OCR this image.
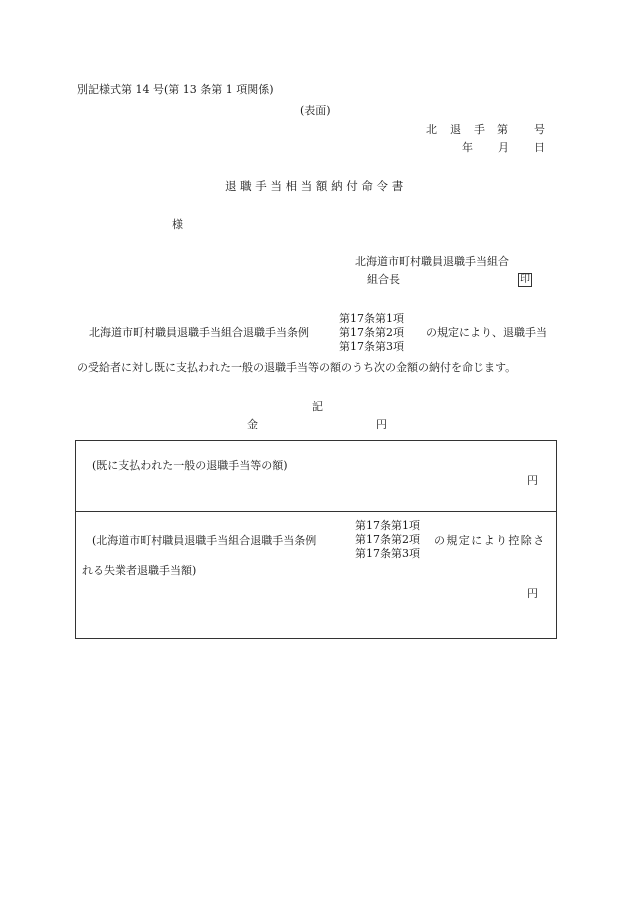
別記様式第 14 号(第 13 条第 1 項関係)
(表面)
北 退 手 第 号
年 月 日
退 職 手 当 相 当 額 納 付 命 令 書
様
北海道市町村職員退職手当組合
組合長	印
北海道市町村職員退職手当組合退職手当条例
第17条第1項
第17条第2項
第17条第3項
の規定により、退職手当
の受給者に対し既に支払われた一般の退職手当等の額のうち次の金額の納付を命じます。
記
金	円
(既に支払われた一般の退職手当等の額)
円
(北海道市町村職員退職手当組合退職手当条例
第17条第1項
第17条第2項
第17条第3項
の規定により控除さ
れる失業者退職手当額)
円
